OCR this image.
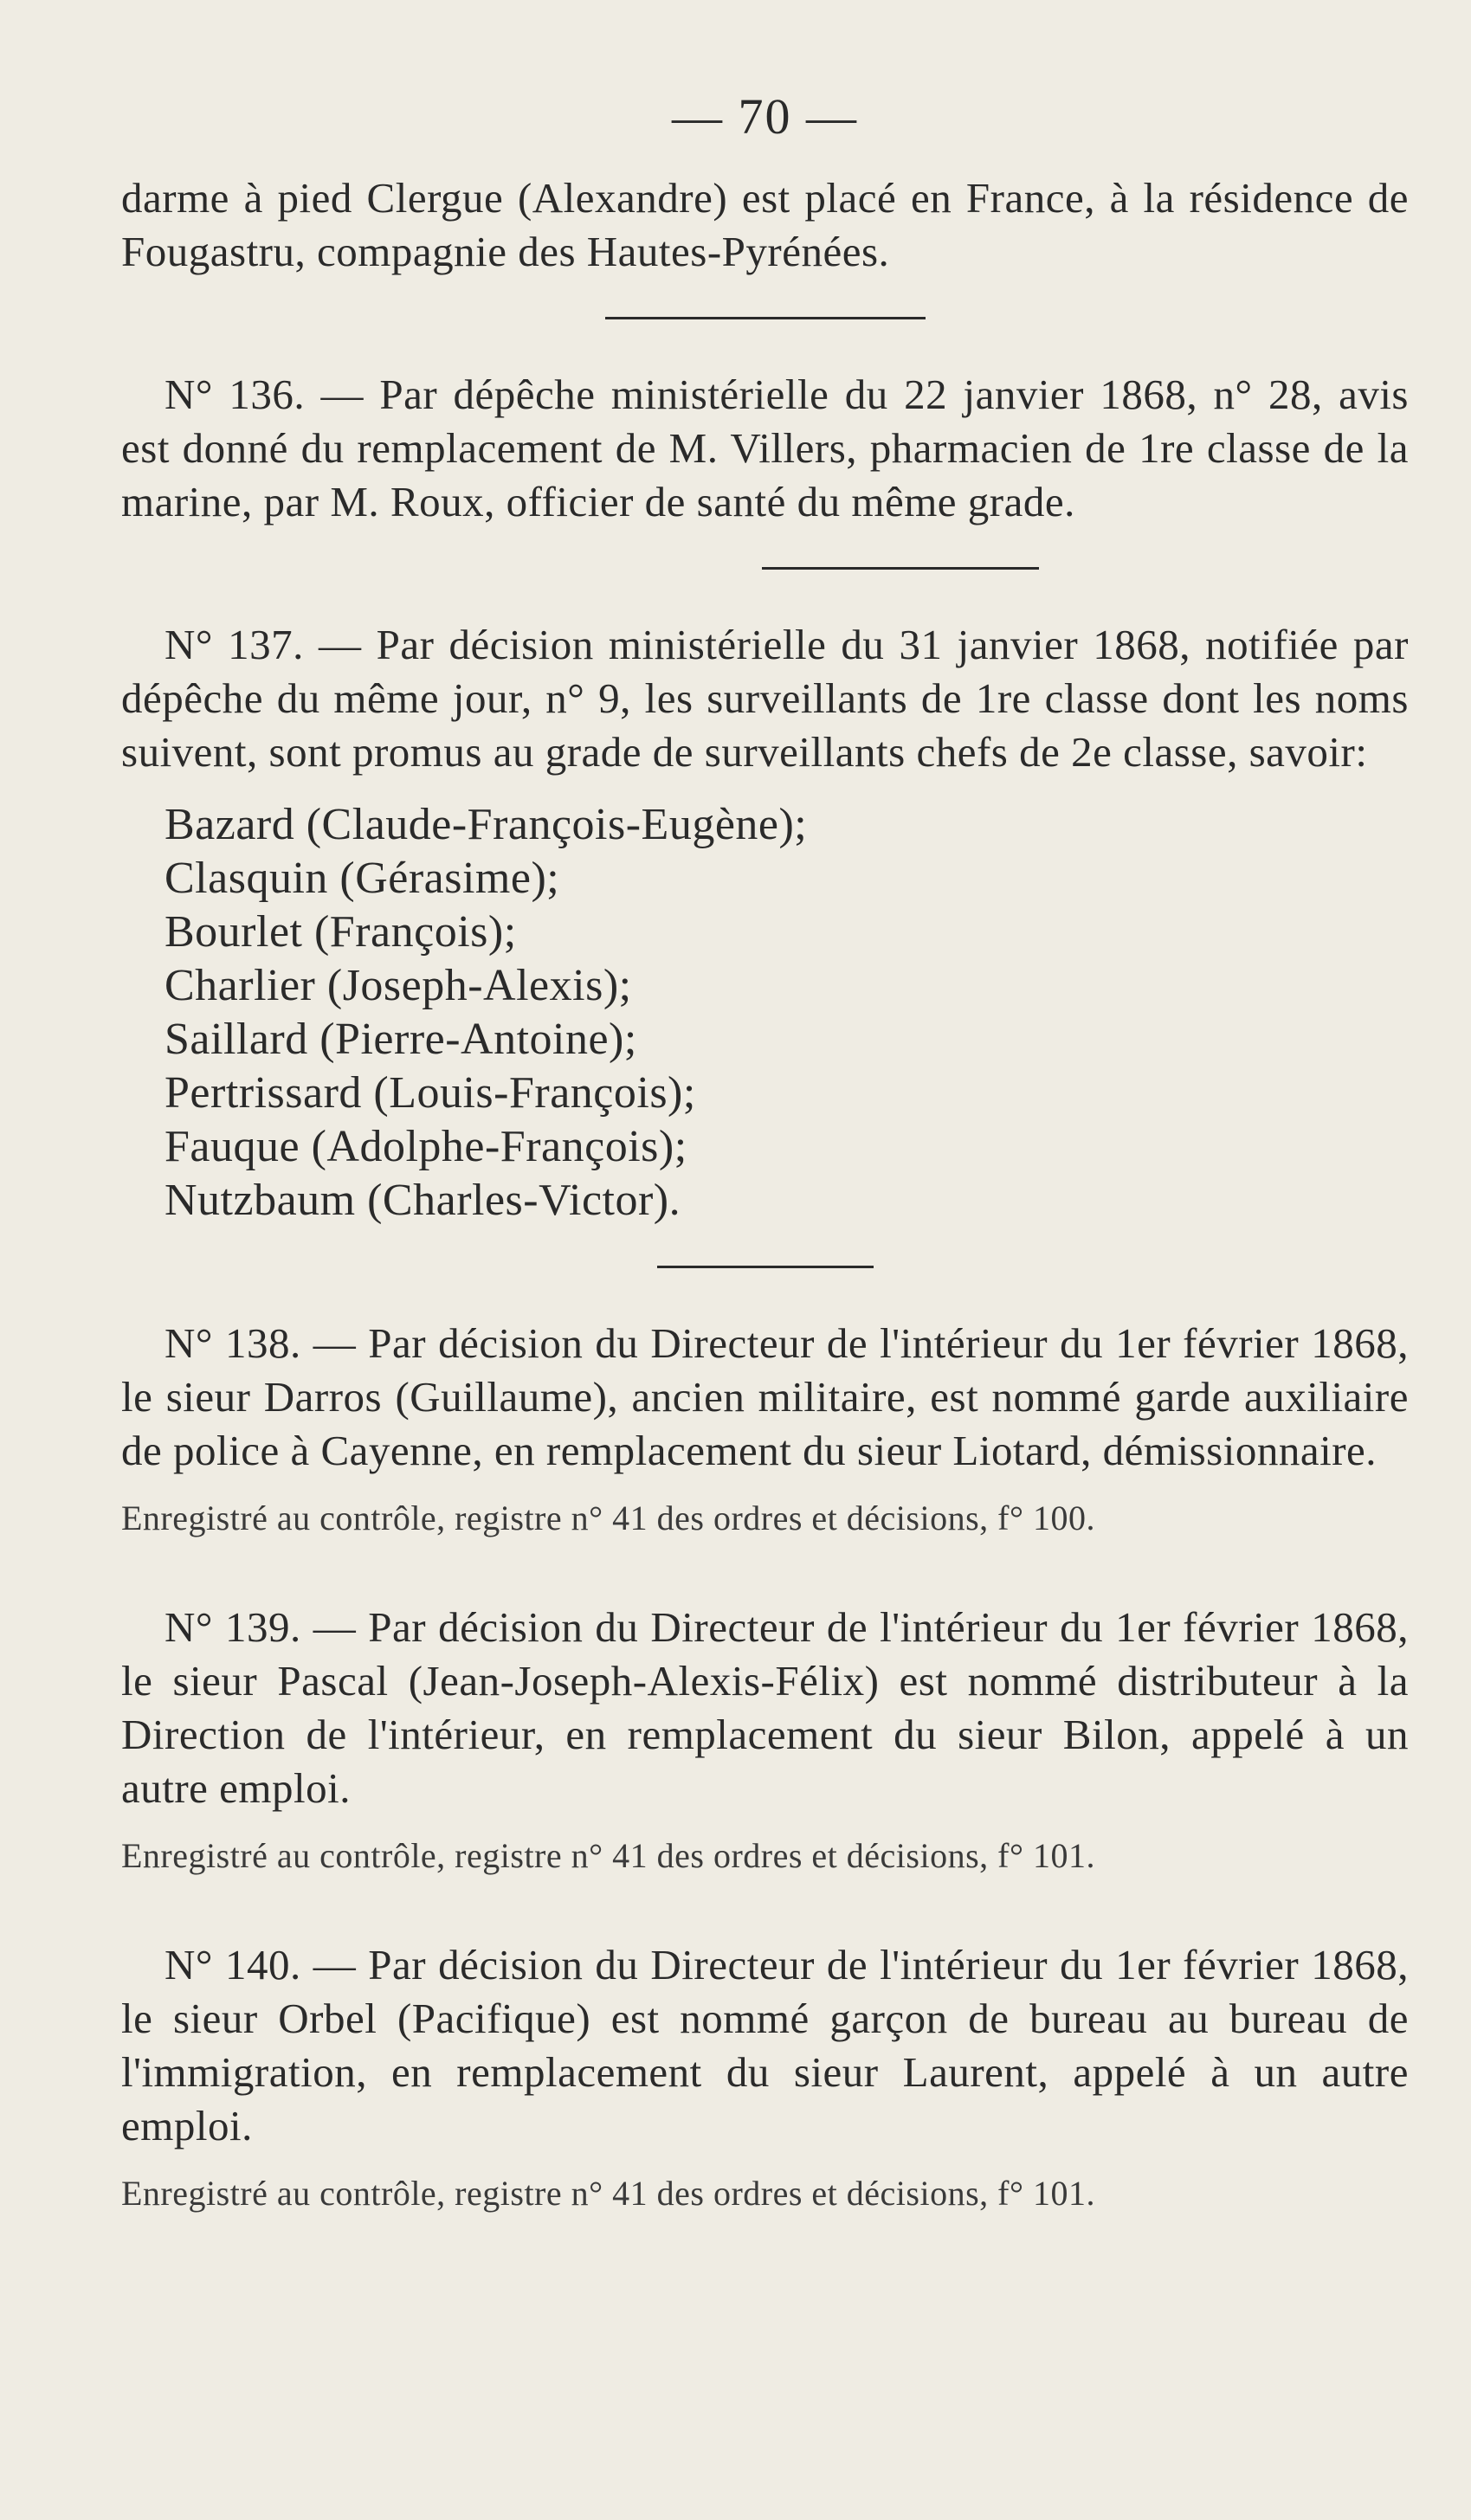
— 70 —

darme à pied Clergue (Alexandre) est placé en France, à la résidence de Fougastru, compagnie des Hautes-Pyrénées.

N° 136. — Par dépêche ministérielle du 22 janvier 1868, n° 28, avis est donné du remplacement de M. Villers, pharmacien de 1re classe de la marine, par M. Roux, officier de santé du même grade.

N° 137. — Par décision ministérielle du 31 janvier 1868, notifiée par dépêche du même jour, n° 9, les surveillants de 1re classe dont les noms suivent, sont promus au grade de surveillants chefs de 2e classe, savoir:

Bazard (Claude-François-Eugène);
Clasquin (Gérasime);
Bourlet (François);
Charlier (Joseph-Alexis);
Saillard (Pierre-Antoine);
Pertrissard (Louis-François);
Fauque (Adolphe-François);
Nutzbaum (Charles-Victor).

N° 138. — Par décision du Directeur de l'intérieur du 1er février 1868, le sieur Darros (Guillaume), ancien militaire, est nommé garde auxiliaire de police à Cayenne, en remplacement du sieur Liotard, démissionnaire.

Enregistré au contrôle, registre n° 41 des ordres et décisions, f° 100.

N° 139. — Par décision du Directeur de l'intérieur du 1er février 1868, le sieur Pascal (Jean-Joseph-Alexis-Félix) est nommé distributeur à la Direction de l'intérieur, en remplacement du sieur Bilon, appelé à un autre emploi.

Enregistré au contrôle, registre n° 41 des ordres et décisions, f° 101.

N° 140. — Par décision du Directeur de l'intérieur du 1er février 1868, le sieur Orbel (Pacifique) est nommé garçon de bureau au bureau de l'immigration, en remplacement du sieur Laurent, appelé à un autre emploi.

Enregistré au contrôle, registre n° 41 des ordres et décisions, f° 101.
